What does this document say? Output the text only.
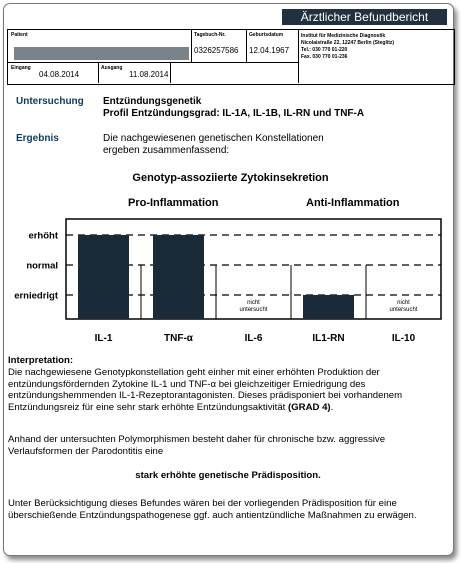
Ärztlicher Befundbericht
Patient	Tagebuch-Nr.
0326257586
Geburtsdatum
12.04.1967
Institut für Medizinische Diagnostik
Nicolaistraße 22, 12247 Berlin (Steglitz)
Tel.: 030 770 01-220
Fax. 030 770 01-236
Eingang
04.08.2014
Ausgang
11.08.2014
Untersuchung Entzündungsgenetik
Profil Entzündungsgrad: IL-1A, IL-1B, IL-RN und TNF-A
Ergebnis	Die nachgewiesenen genetischen Konstellationen
ergeben zusammenfassend:
Genotyp-assoziierte Zytokinsekretion
Pro-Inflammation	Anti-Inflammation
erhöht
normal
erniedrigt
IL-1	TNF-α
nicht
untersucht
IL-6	IL1-RN
nicht
untersucht
IL-10
Interpretation:
Die nachgewiesene Genotypkonstellation geht einher mit einer erhöhten Produktion der entzündungsfördernden Zytokine IL-1 und TNF-α bei gleichzeitiger Erniedrigung des entzündungshemmenden IL-1-Rezeptorantagonisten. Dieses prädisponiert bei vorhandenem Entzündungsreiz für eine sehr stark erhöhte Entzündungsaktivität (GRAD 4).
Anhand der untersuchten Polymorphismen besteht daher für chronische bzw. aggressive Verlaufsformen der Parodontitis eine
stark erhöhte genetische Prädisposition.
Unter Berücksichtigung dieses Befundes wären bei der vorliegenden Prädisposition für eine überschießende Entzündungspathogenese ggf. auch antientzündliche Maßnahmen zu erwägen.
